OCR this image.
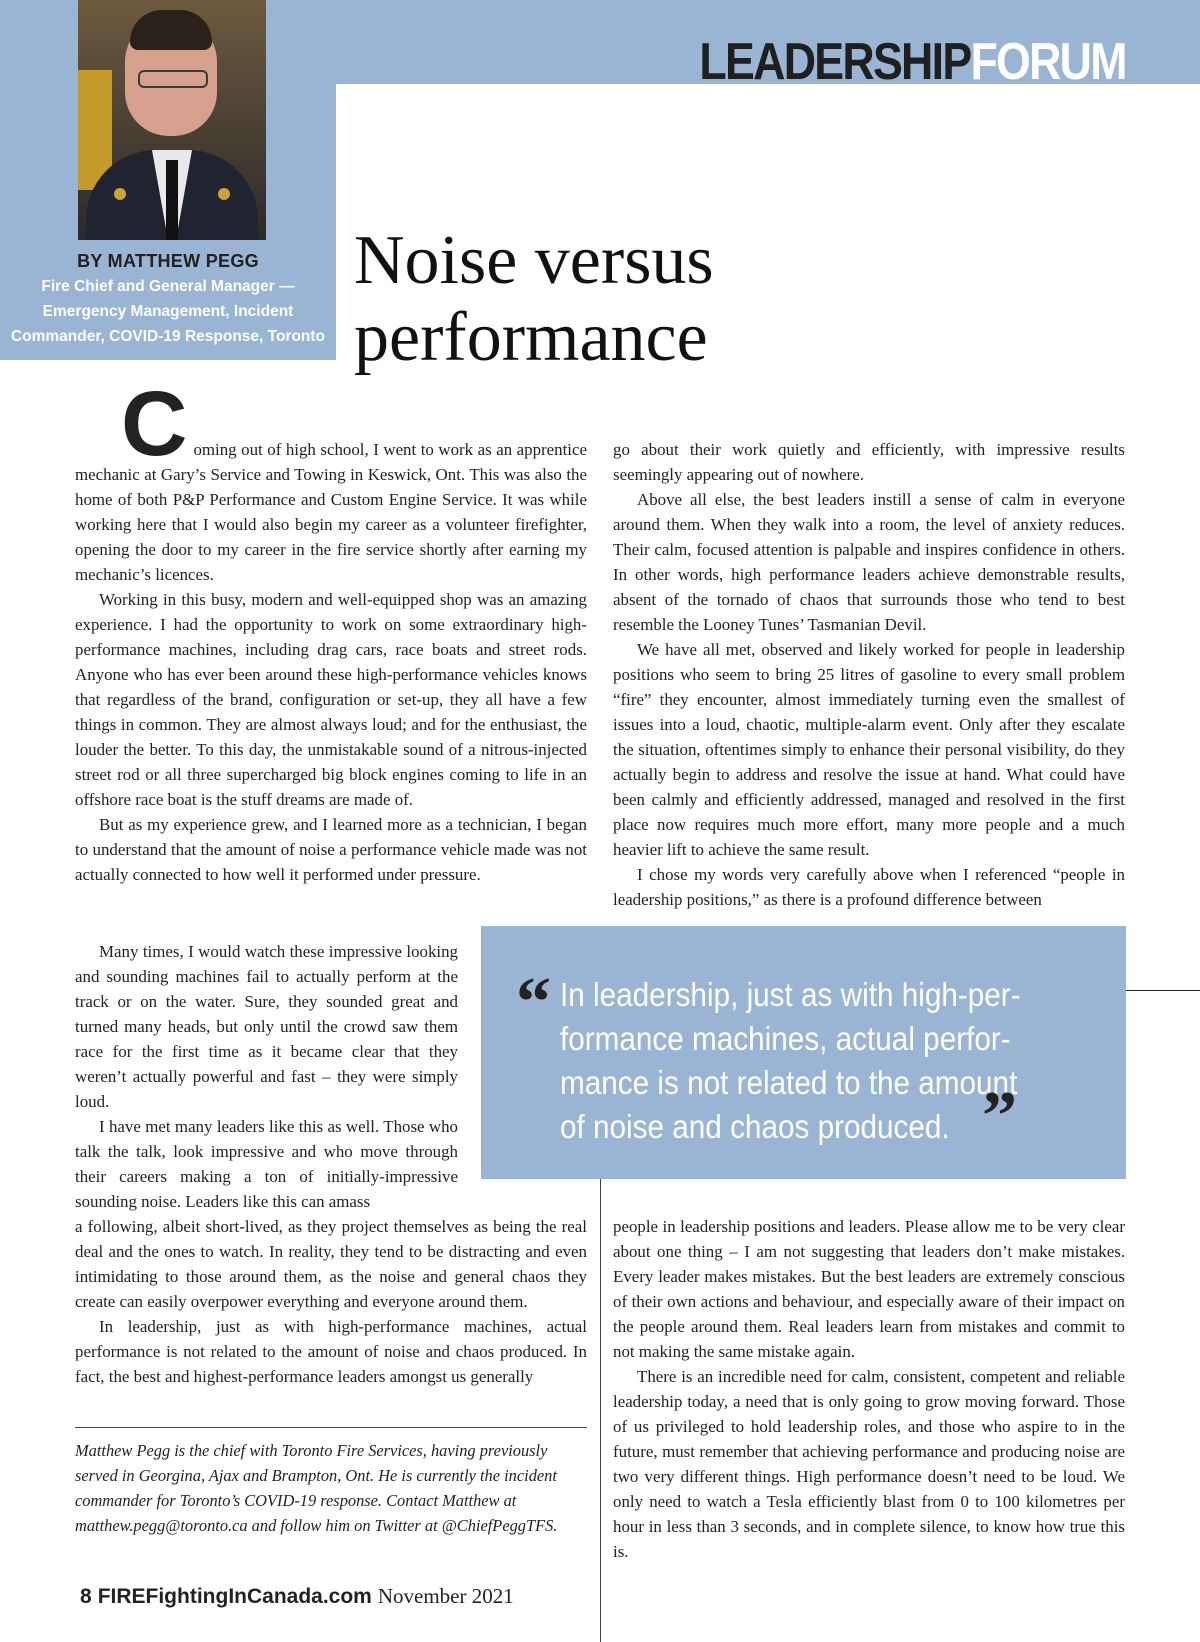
BY MATTHEW PEGG
Fire Chief and General Manager —
Emergency Management, Incident
Commander, COVID-19 Response, Toronto
LEADERSHIPFORUM
Noise versus
performance

Coming out of high school, I went to work as an apprentice mechanic at Gary’s Service and Towing in Keswick, Ont. This was also the home of both P&P Performance and Custom Engine Service. It was while working here that I would also begin my career as a volunteer firefighter, opening the door to my career in the fire service shortly after earning my mechanic’s licences.

Working in this busy, modern and well-equipped shop was an amazing experience. I had the opportunity to work on some extraordinary high-performance machines, including drag cars, race boats and street rods. Anyone who has ever been around these high-performance vehicles knows that regardless of the brand, configuration or set-up, they all have a few things in common. They are almost always loud; and for the enthusiast, the louder the better. To this day, the unmistakable sound of a nitrous-injected street rod or all three supercharged big block engines coming to life in an offshore race boat is the stuff dreams are made of.

But as my experience grew, and I learned more as a technician, I began to understand that the amount of noise a performance vehicle made was not actually connected to how well it performed under pressure.

Many times, I would watch these impressive looking and sounding machines fail to actually perform at the track or on the water. Sure, they sounded great and turned many heads, but only until the crowd saw them race for the first time as it became clear that they weren’t actually powerful and fast – they were simply loud.

I have met many leaders like this as well. Those who talk the talk, look impressive and who move through their careers making a ton of initially-impressive sounding noise. Leaders like this can amass

a following, albeit short-lived, as they project themselves as being the real deal and the ones to watch. In reality, they tend to be distracting and even intimidating to those around them, as the noise and general chaos they create can easily overpower everything and everyone around them.

In leadership, just as with high-performance machines, actual performance is not related to the amount of noise and chaos produced. In fact, the best and highest-performance leaders amongst us generally

go about their work quietly and efficiently, with impressive results seemingly appearing out of nowhere.

Above all else, the best leaders instill a sense of calm in everyone around them. When they walk into a room, the level of anxiety reduces. Their calm, focused attention is palpable and inspires confidence in others. In other words, high performance leaders achieve demonstrable results, absent of the tornado of chaos that surrounds those who tend to best resemble the Looney Tunes’ Tasmanian Devil.

We have all met, observed and likely worked for people in leadership positions who seem to bring 25 litres of gasoline to every small problem “fire” they encounter, almost immediately turning even the smallest of issues into a loud, chaotic, multiple-alarm event. Only after they escalate the situation, oftentimes simply to enhance their personal visibility, do they actually begin to address and resolve the issue at hand. What could have been calmly and efficiently addressed, managed and resolved in the first place now requires much more effort, many more people and a much heavier lift to achieve the same result.

I chose my words very carefully above when I referenced “people in leadership positions,” as there is a profound difference between

people in leadership positions and leaders. Please allow me to be very clear about one thing – I am not suggesting that leaders don’t make mistakes. Every leader makes mistakes. But the best leaders are extremely conscious of their own actions and behaviour, and especially aware of their impact on the people around them. Real leaders learn from mistakes and commit to not making the same mistake again.

There is an incredible need for calm, consistent, competent and reliable leadership today, a need that is only going to grow moving forward. Those of us privileged to hold leadership roles, and those who aspire to in the future, must remember that achieving performance and producing noise are two very different things. High performance doesn’t need to be loud. We only need to watch a Tesla efficiently blast from 0 to 100 kilometres per hour in less than 3 seconds, and in complete silence, to know how true this is.

“ In leadership, just as with high-per-
formance machines, actual perfor-
mance is not related to the amount
of noise and chaos produced. ”
Matthew Pegg is the chief with Toronto Fire Services, having previously served in Georgina, Ajax and Brampton, Ont. He is currently the incident commander for Toronto’s COVID-19 response. Contact Matthew at matthew.pegg@toronto.ca and follow him on Twitter at @ChiefPeggTFS.
8 FIREFightingInCanada.com November 2021
